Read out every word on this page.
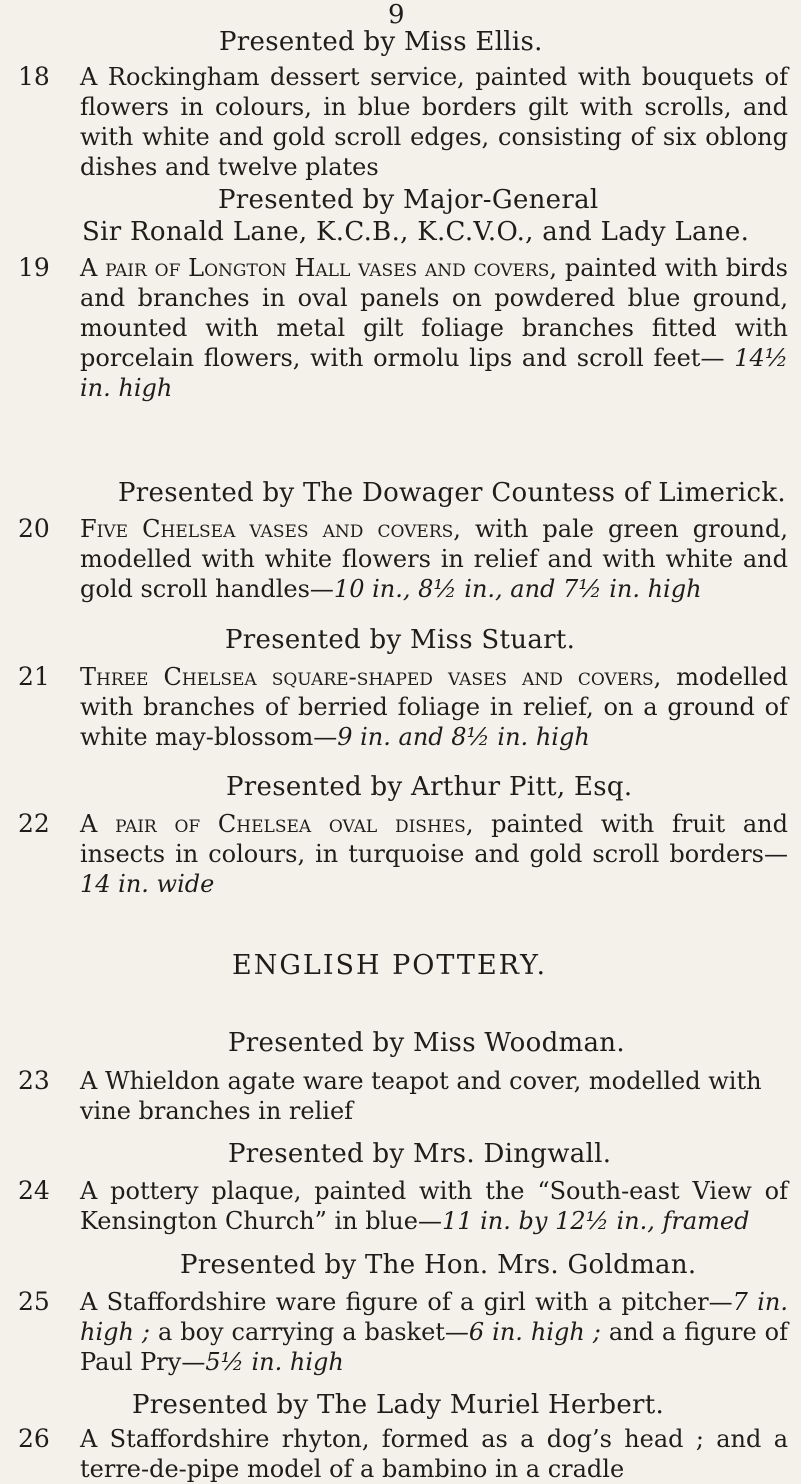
9
Presented by Miss Ellis.
18 A Rockingham dessert service, painted with bouquets of flowers in colours, in blue borders gilt with scrolls, and with white and gold scroll edges, consisting of six oblong dishes and twelve plates
Presented by Major-General
Sir Ronald Lane, K.C.B., K.C.V.O., and Lady Lane.
19 A pair of Longton Hall vases and covers, painted with birds and branches in oval panels on powdered blue ground, mounted with metal gilt foliage branches fitted with porcelain flowers, with ormolu lips and scroll feet— 14½ in. high
Presented by The Dowager Countess of Limerick.
20 Five Chelsea vases and covers, with pale green ground, modelled with white flowers in relief and with white and gold scroll handles—10 in., 8½ in., and 7½ in. high
Presented by Miss Stuart.
21 Three Chelsea square-shaped vases and covers, modelled with branches of berried foliage in relief, on a ground of white may-blossom—9 in. and 8½ in. high
Presented by Arthur Pitt, Esq.
22 A pair of Chelsea oval dishes, painted with fruit and insects in colours, in turquoise and gold scroll borders—14 in. wide
ENGLISH POTTERY.
Presented by Miss Woodman.
23 A Whieldon agate ware teapot and cover, modelled with vine branches in relief
Presented by Mrs. Dingwall.
24 A pottery plaque, painted with the “South-east View of Kensington Church” in blue—11 in. by 12½ in., framed
Presented by The Hon. Mrs. Goldman.
25 A Staffordshire ware figure of a girl with a pitcher—7 in. high ; a boy carrying a basket—6 in. high ; and a figure of Paul Pry—5½ in. high
Presented by The Lady Muriel Herbert.
26 A Staffordshire rhyton, formed as a dog’s head ; and a terre-de-pipe model of a bambino in a cradle
